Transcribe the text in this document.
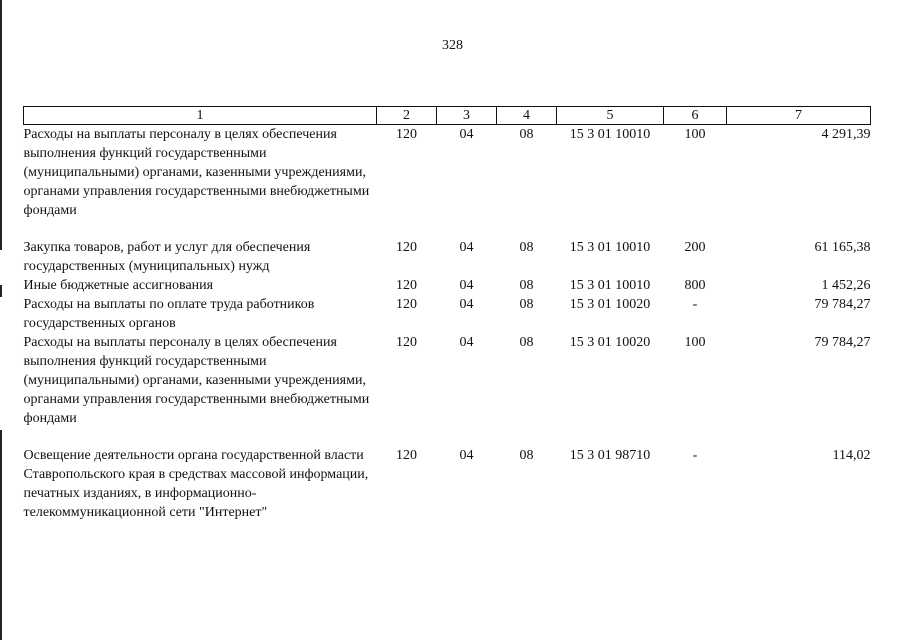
328
1	2	3	4	5	6	7
Расходы на выплаты персоналу в целях обеспечения выполнения функций государственными (муниципальными) органами, казенными учреждениями, органами управления государственными внебюджетными фондами	120	04	08	15 3 01 10010	100	4 291,39

Закупка товаров, работ и услуг для обеспечения государственных (муниципальных) нужд	120	04	08	15 3 01 10010	200	61 165,38
Иные бюджетные ассигнования	120	04	08	15 3 01 10010	800	1 452,26
Расходы на выплаты по оплате труда работников государственных органов	120	04	08	15 3 01 10020	-	79 784,27
Расходы на выплаты персоналу в целях обеспечения выполнения функций государственными (муниципальными) органами, казенными учреждениями, органами управления государственными внебюджетными фондами	120	04	08	15 3 01 10020	100	79 784,27

Освещение деятельности органа государственной власти Ставропольского края в средствах массовой информации, печатных изданиях, в информационно-телекоммуникационной сети "Интернет"	120	04	08	15 3 01 98710	-	114,02
